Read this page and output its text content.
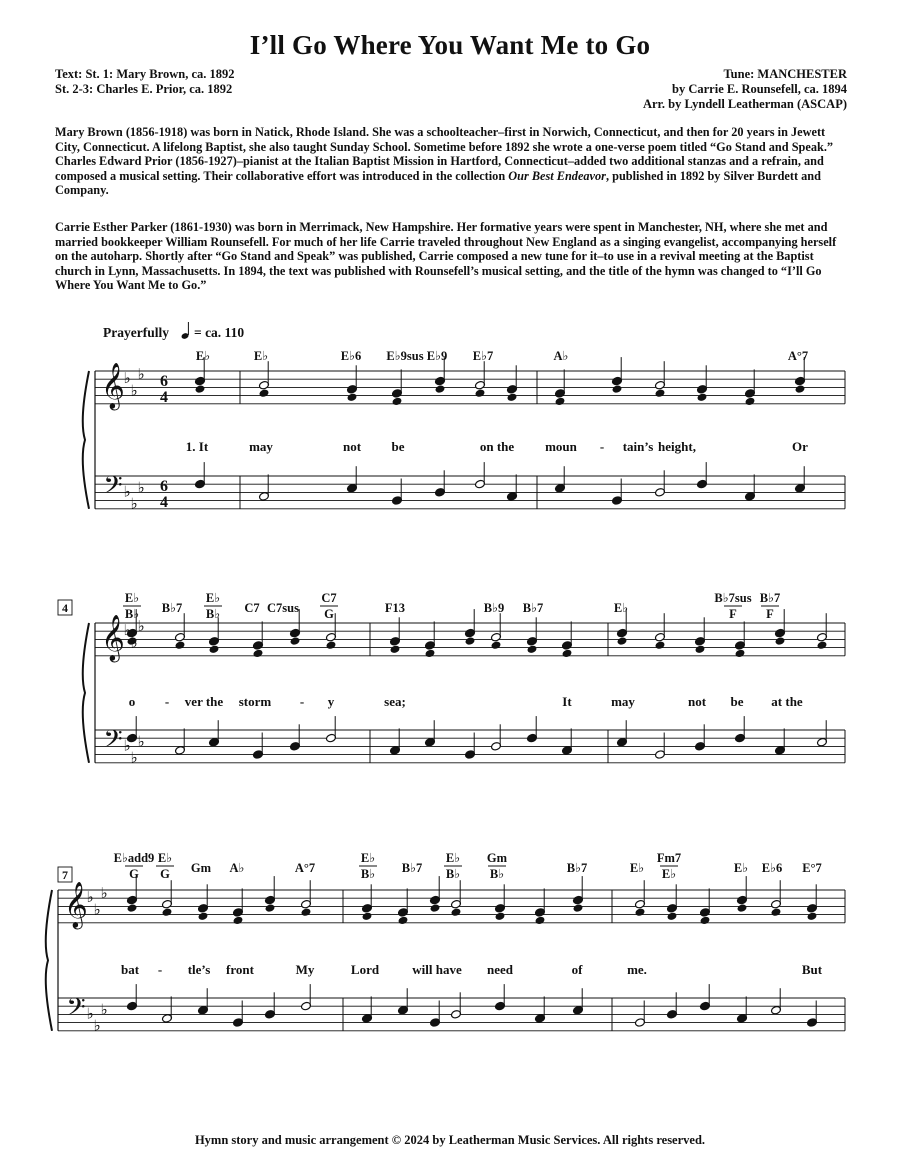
I’ll Go Where You Want Me to Go
Text: St. 1: Mary Brown, ca. 1892
St. 2-3: Charles E. Prior, ca. 1892
Tune: MANCHESTER
by Carrie E. Rounsefell, ca. 1894
Arr. by Lyndell Leatherman (ASCAP)

Mary Brown (1856-1918) was born in Natick, Rhode Island. She was a schoolteacher–first in Norwich, Connecticut, and then for 20 years in Jewett City, Connecticut. A lifelong Baptist, she also taught Sunday School. Sometime before 1892 she wrote a one-verse poem titled “Go Stand and Speak.” Charles Edward Prior (1856-1927)–pianist at the Italian Baptist Mission in Hartford, Connecticut–added two additional stanzas and a refrain, and composed a musical setting. Their collaborative effort was introduced in the collection Our Best Endeavor, published in 1892 by Silver Burdett and Company.

Carrie Esther Parker (1861-1930) was born in Merrimack, New Hampshire. Her formative years were spent in Manchester, NH, where she met and married bookkeeper William Rounsefell. For much of her life Carrie traveled throughout New England as a singing evangelist, accompanying herself on the autoharp. Shortly after “Go Stand and Speak” was published, Carrie composed a new tune for it–to use in a revival meeting at the Baptist church in Lynn, Massachusetts. In 1894, the text was published with Rounsefell’s musical setting, and the title of the hymn was changed to “I’ll Go Where You Want Me to Go.”

𝄞
𝄢
♭
♭
♭
♭
♭
♭
6
4
6
4
Prayerfully = ca. 110
E♭	E♭	E♭6 E♭9sus E♭9 E♭7	A♭	A°7
1. It	may	not be	on the moun - tain’s height,	Or
𝄞
𝄢
♭
♭
♭
♭
♭
♭
4
E♭
B♭ B♭7
E♭
B♭ C7 C7sus
C7
G	F13	B♭9 B♭7	E♭
B♭7sus
F
B♭7
F
o - ver the storm - y	sea;	It	may	not be at the
𝄞
𝄢
♭
♭
♭
♭
♭
♭
7
E♭add9
G
E♭
G Gm A♭	A°7
E♭
B♭ B♭7
E♭
B♭
Gm
B♭	B♭7	E♭
Fm7
E♭	E♭ E♭6 E°7
bat - tle’s front	My	Lord	will have need	of	me.	But
Hymn story and music arrangement © 2024 by Leatherman Music Services. All rights reserved.
